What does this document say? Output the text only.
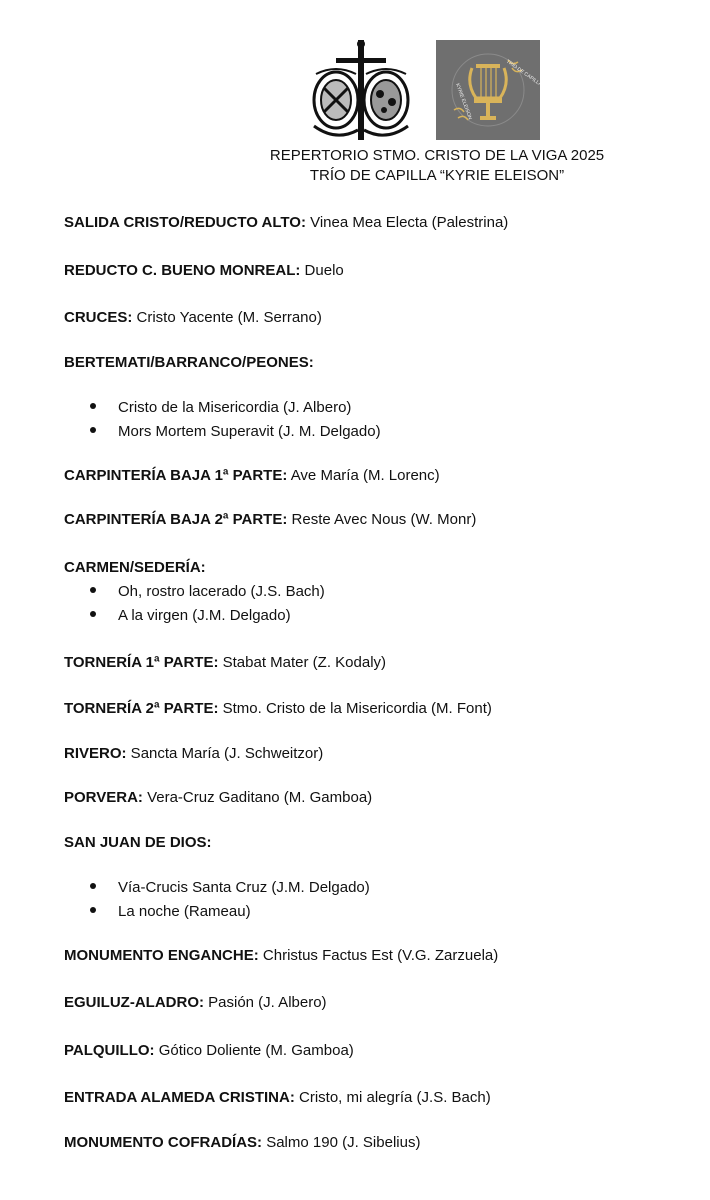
TRÍO DE CAPILLA
KYRIE ELEISON
REPERTORIO STMO. CRISTO DE LA VIGA 2025
TRÍO DE CAPILLA “KYRIE ELEISON”
SALIDA CRISTO/REDUCTO ALTO: Vinea Mea Electa (Palestrina)
REDUCTO C. BUENO MONREAL: Duelo
CRUCES: Cristo Yacente (M. Serrano)
BERTEMATI/BARRANCO/PEONES:
Cristo de la Misericordia (J. Albero)
Mors Mortem Superavit (J. M. Delgado)
CARPINTERÍA BAJA 1ª PARTE: Ave María (M. Lorenc)
CARPINTERÍA BAJA 2ª PARTE: Reste Avec Nous (W. Monr)
CARMEN/SEDERÍA:
Oh, rostro lacerado (J.S. Bach)
A la virgen (J.M. Delgado)
TORNERÍA 1ª PARTE: Stabat Mater (Z. Kodaly)
TORNERÍA 2ª PARTE: Stmo. Cristo de la Misericordia (M. Font)
RIVERO: Sancta María (J. Schweitzor)
PORVERA: Vera-Cruz Gaditano (M. Gamboa)
SAN JUAN DE DIOS:
Vía-Crucis Santa Cruz (J.M. Delgado)
La noche (Rameau)
MONUMENTO ENGANCHE: Christus Factus Est (V.G. Zarzuela)
EGUILUZ-ALADRO: Pasión (J. Albero)
PALQUILLO: Gótico Doliente (M. Gamboa)
ENTRADA ALAMEDA CRISTINA: Cristo, mi alegría (J.S. Bach)
MONUMENTO COFRADÍAS: Salmo 190 (J. Sibelius)
